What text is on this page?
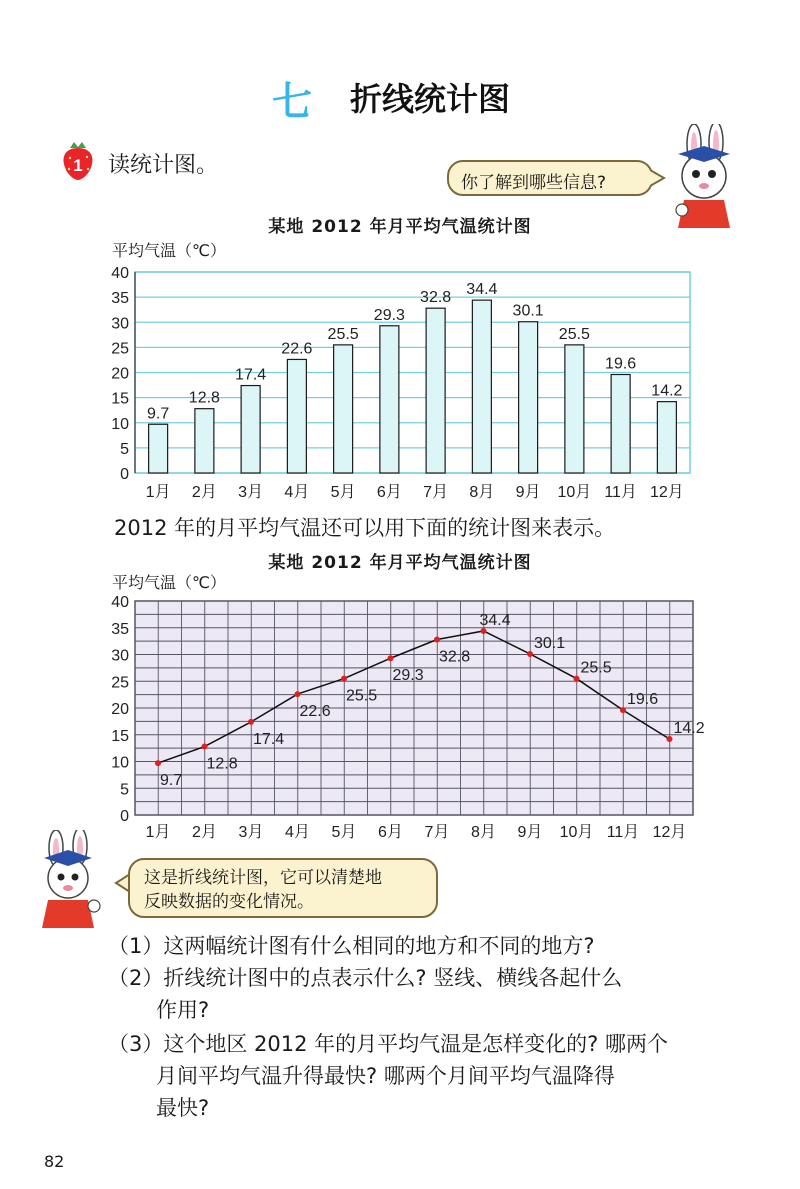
七 折线统计图
1 读统计图。
你了解到哪些信息?
某地 2012 年月平均气温统计图
平均气温（℃）
0
5
10
15
20
25
30
35
40
9.7
1月
12.8
2月
17.4
3月
22.6
4月
25.5
5月
29.3
6月
32.8
7月
34.4
8月
30.1
9月
25.5
10月
19.6
11月
14.2
12月
2012 年的月平均气温还可以用下面的统计图来表示。
某地 2012 年月平均气温统计图
平均气温（℃）
0
5
10
15
20
25
30
35
40
9.7
1月
12.8
2月
17.4
3月
22.6
4月
25.5
5月
29.3
6月
32.8
7月
34.4
8月
30.1
9月
25.5
10月
19.6
11月
14.2
12月
这是折线统计图，它可以清楚地
反映数据的变化情况。
（1）这两幅统计图有什么相同的地方和不同的地方?
（2）折线统计图中的点表示什么? 竖线、横线各起什么
作用?
（3）这个地区 2012 年的月平均气温是怎样变化的? 哪两个
月间平均气温升得最快? 哪两个月间平均气温降得
最快?
82
